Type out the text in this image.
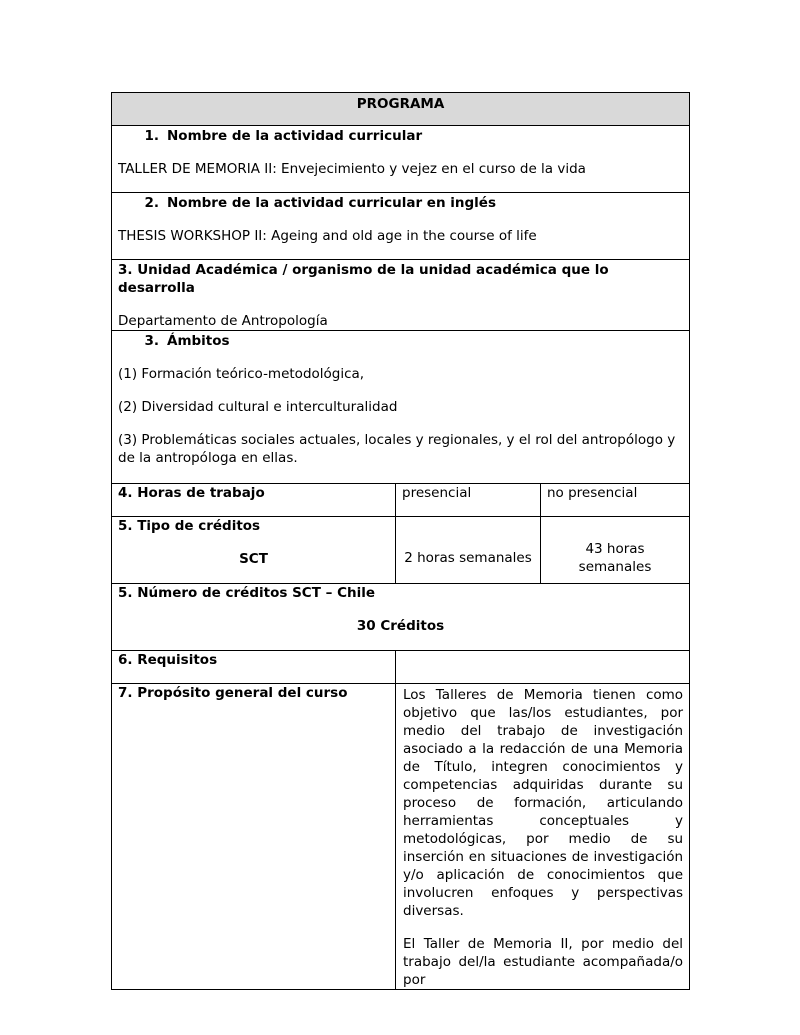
PROGRAMA		

1. Nombre de la actividad curricular

TALLER DE MEMORIA II: Envejecimiento y vejez en el curso de la vida		

2. Nombre de la actividad curricular en inglés

THESIS WORKSHOP II: Ageing and old age in the course of life		

3. Unidad Académica / organismo de la unidad académica que lo desarrolla

Departamento de Antropología		

3. Ámbitos

(1) Formación teórico-metodológica,

(2) Diversidad cultural e interculturalidad

(3) Problemáticas sociales actuales, locales y regionales, y el rol del antropólogo y de la antropóloga en ellas.		

4. Horas de trabajo	presencial	no presencial

5. Tipo de créditos

SCT	2 horas semanales	43 horas semanales

5. Número de créditos SCT – Chile

30 Créditos		

6. Requisitos		
7. Propósito general del curso	Los Talleres de Memoria tienen como objetivo que las/los estudiantes, por medio del trabajo de investigación asociado a la redacción de una Memoria de Título, integren conocimientos y competencias adquiridas durante su proceso de formación, articulando herramientas conceptuales y metodológicas, por medio de su inserción en situaciones de investigación y/o aplicación de conocimientos que involucren enfoques y perspectivas diversas.

El Taller de Memoria II, por medio del trabajo del/la estudiante acompañada/o por	
